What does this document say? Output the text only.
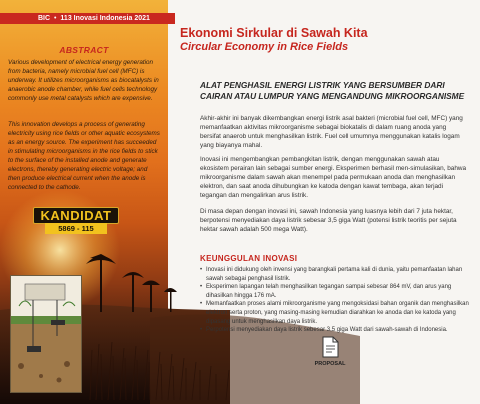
BIC • 113 Inovasi Indonesia 2021
ABSTRACT

Various development of electrical energy generation from bacteria, namely microbial fuel cell (MFC) is underway. It utilizes microorganisms as biocatalysts in anaerobic anode chamber, while fuel cells technology commonly use metal catalysts which are expensive.

This innovation develops a process of generating electricity using rice fields or other aquatic ecosystems as an energy source. The experiment has succeeded in stimulating microorganisms in the rice fields to stick to the surface of the installed anode and generate electrons, thereby generating electric voltage; and then produce electrical current when the anode is connected to the cathode.

KANDIDAT
5869 - 115
Ekonomi Sirkular di Sawah Kita
Circular Economy in Rice Fields
ALAT PENGHASIL ENERGI LISTRIK YANG BERSUMBER DARI CAIRAN ATAU LUMPUR YANG MENGANDUNG MIKROORGANISME

Akhir-akhir ini banyak dikembangkan energi listrik asal bakteri (microbial fuel cell, MFC) yang memanfaatkan aktivitas mikroorganisme sebagai biokatalis di dalam ruang anoda yang bersifat anaerob untuk menghasilkan listrik. Fuel cell umumnya menggunakan katalis logam yang biayanya mahal.

Inovasi ini mengembangkan pembangkitan listrik, dengan menggunakan sawah atau ekosistem perairan lain sebagai sumber energi. Eksperimen berhasil men-simulasikan, bahwa mikroorganisme dalam sawah akan menempel pada permukaan anoda dan menghasilkan elektron, dan saat anoda dihubungkan ke katoda dengan kawat tembaga, akan terjadi tegangan dan mengalirkan arus listrik.

Di masa depan dengan inovasi ini, sawah Indonesia yang luasnya lebih dari 7 juta hektar, berpotensi menyediakan daya listrik sebesar 3,5 giga Watt (potensi listrik teoritis per sejuta hektar sawah adalah 500 mega Watt).

KEUNGGULAN INOVASI
• Inovasi ini didukung oleh invensi yang barangkali pertama kali di dunia, yaitu pemanfaatan lahan sawah sebagai penghasil listrik.
• Eksperimen lapangan telah menghasilkan tegangan sampai sebesar 864 mV, dan arus yang dihasilkan hingga 176 mA.
• Memanfaatkan proses alami mikroorganisme yang mengoksidasi bahan organik dan menghasilkan elektron serta proton, yang masing-masing kemudian diarahkan ke anoda dan ke katoda yang dipasang untuk menghasilkan daya listrik.
• Perpotensi menyediakan daya listrik sebesar 3,5 giga Watt dari sawah-sawah di Indonesia.
PROPOSAL
